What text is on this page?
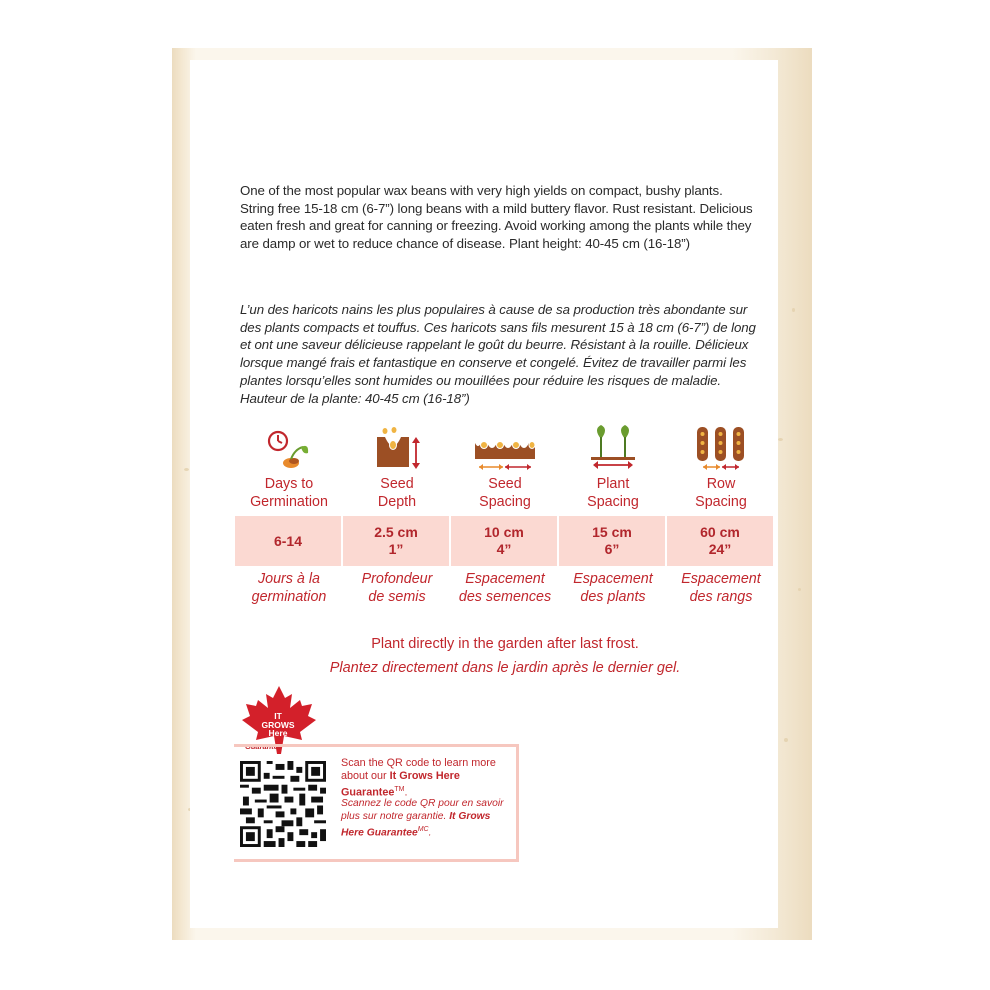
One of the most popular wax beans with very high yields on compact, bushy plants. String free 15-18 cm (6-7”) long beans with a mild buttery flavor. Rust resistant. Delicious eaten fresh and great for canning or freezing. Avoid working among the plants while they are damp or wet to reduce chance of disease. Plant height: 40-45 cm (16-18”)

L’un des haricots nains les plus populaires à cause de sa production très abondante sur des plants compacts et touffus. Ces haricots sans fils mesurent 15 à 18 cm (6-7”) de long et ont une saveur délicieuse rappelant le goût du beurre. Résistant à la rouille. Délicieux lorsque mangé frais et fantastique en conserve et congelé. Évitez de travailler parmi les plantes lorsqu’elles sont humides ou mouillées pour réduire les risques de maladie. Hauteur de la plante: 40-45 cm (16-18”)

Days to
Germination
6-14
Jours à la
germination
Seed
Depth
2.5 cm
1”
Profondeur
de semis
Seed
Spacing
10 cm
4”
Espacement
des semences
Plant
Spacing
15 cm
6”
Espacement
des plants
Row
Spacing
60 cm
24”
Espacement
des rangs
Plant directly in the garden after last frost.
Plantez directement dans le jardin après le dernier gel.
IT
GROWS
Here
Guarantee™
Scan the QR code to learn more about our It Grows Here Guarantee™.
Scannez le code QR pour en savoir plus sur notre garantie. It Grows Here Guarantee$^{MC}$.
